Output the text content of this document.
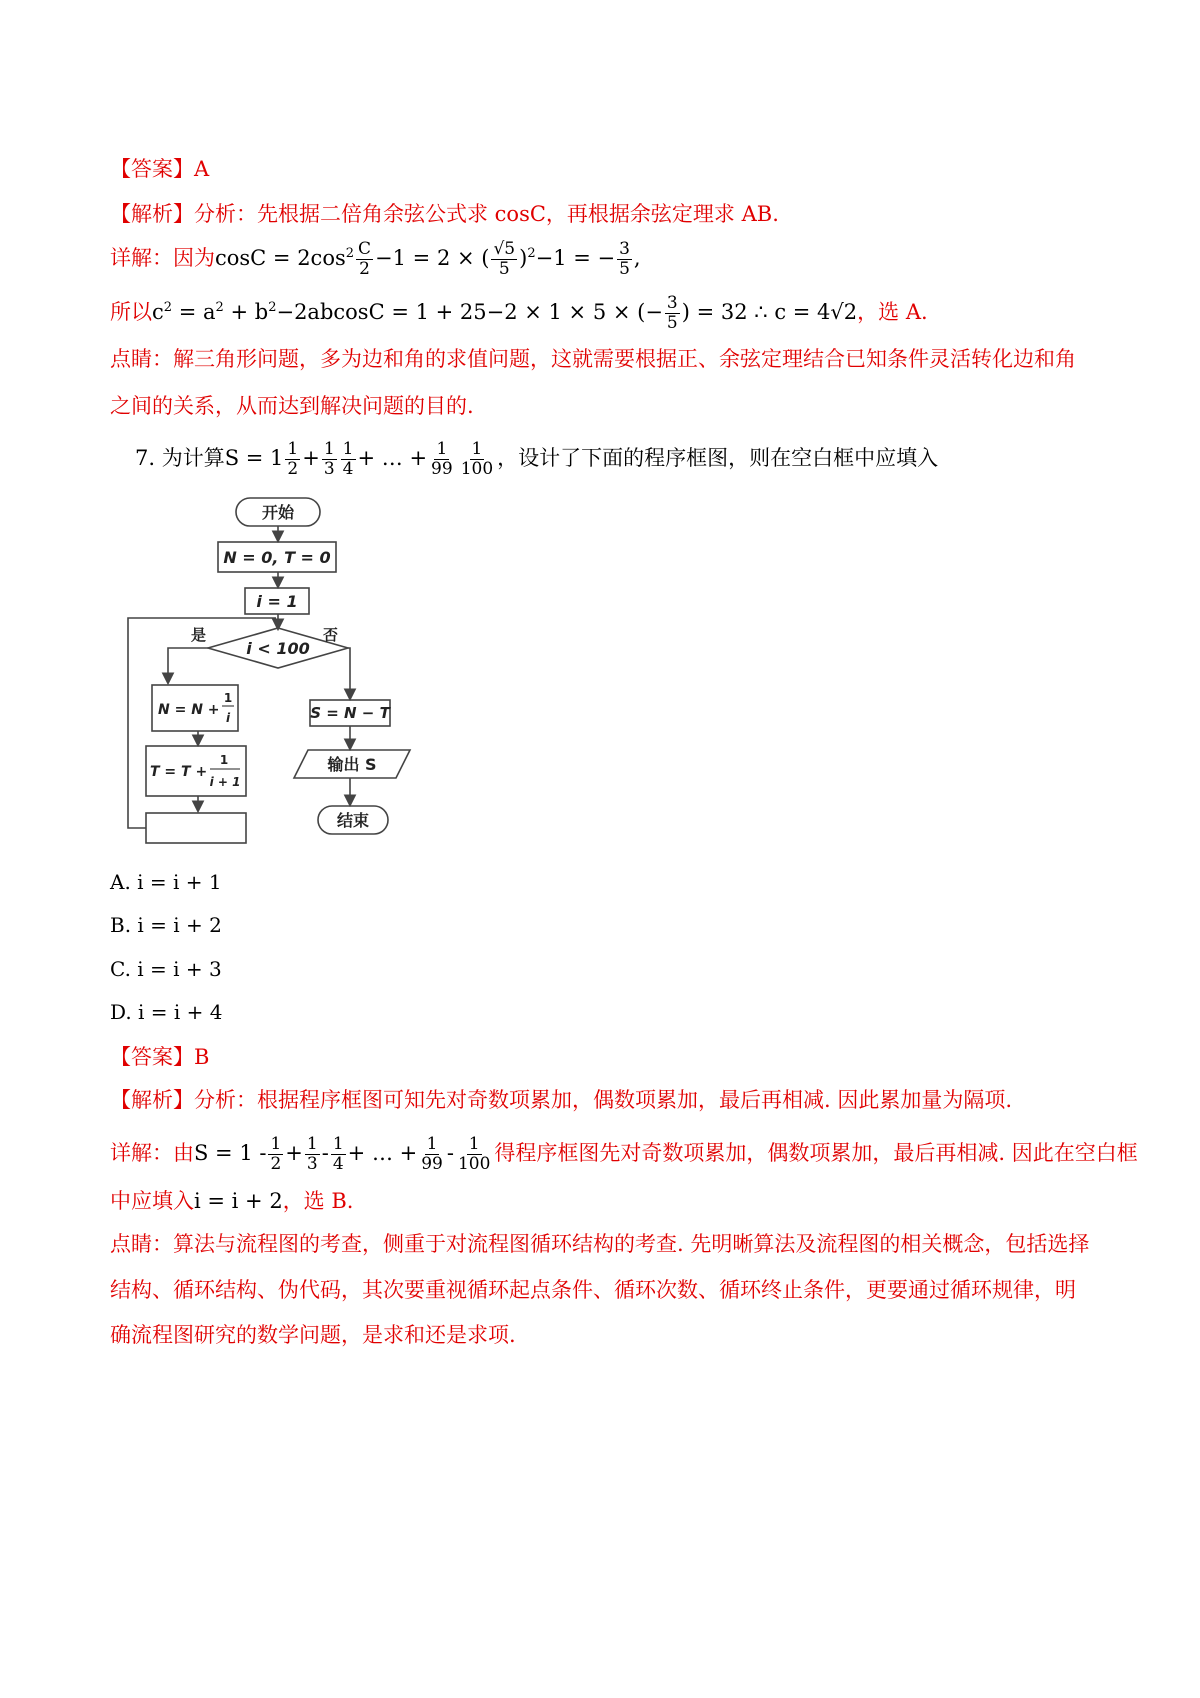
【答案】A
【解析】分析：先根据二倍角余弦公式求 cosC，再根据余弦定理求 AB.
详解：因为$\cos C = 2\cos^2 \frac{C}{2} -1 = 2$ × ( $\frac{√5}{5} )^2-1$ = − $\frac{3}{5}$ ,
所以$c^2 = a^2 + b^2-2abcosC = 1 + 25-2 \times 1 \times 5$ × (− $\frac{3}{5}$ ) = 32 ∴ c = 4√2，选 A.
点睛：解三角形问题，多为边和角的求值问题，这就需要根据正、余弦定理结合已知条件灵活转化边和角
之间的关系，从而达到解决问题的目的.
7. 为计算$S = 1 \frac{1}{2} + \frac{1}{3} \frac{1}{4}$ + … + $\frac{1}{99} \frac{1}{100}$ ，设计了下面的程序框图，则在空白框中应填入
开始
N = 0, T = 0
i = 1
i < 100
是	否
N = N +
1
i
T = T +
1
i + 1
S = N − T
输出 S
结束
A. i = i + 1
B. i = i + 2
C. i = i + 3
D. i = i + 4
【答案】B
【解析】分析：根据程序框图可知先对奇数项累加，偶数项累加，最后再相减. 因此累加量为隔项.
详解：由$S = 1 - \frac{1}{2} + \frac{1}{3} - \frac{1}{4}$ + … + $\frac{1}{99} - \frac{1}{100}$ 得程序框图先对奇数项累加，偶数项累加，最后再相减. 因此在空白框
中应填入i = i + 2，选 B.
点睛：算法与流程图的考查，侧重于对流程图循环结构的考查. 先明晰算法及流程图的相关概念，包括选择
结构、循环结构、伪代码，其次要重视循环起点条件、循环次数、循环终止条件，更要通过循环规律，明
确流程图研究的数学问题，是求和还是求项.
